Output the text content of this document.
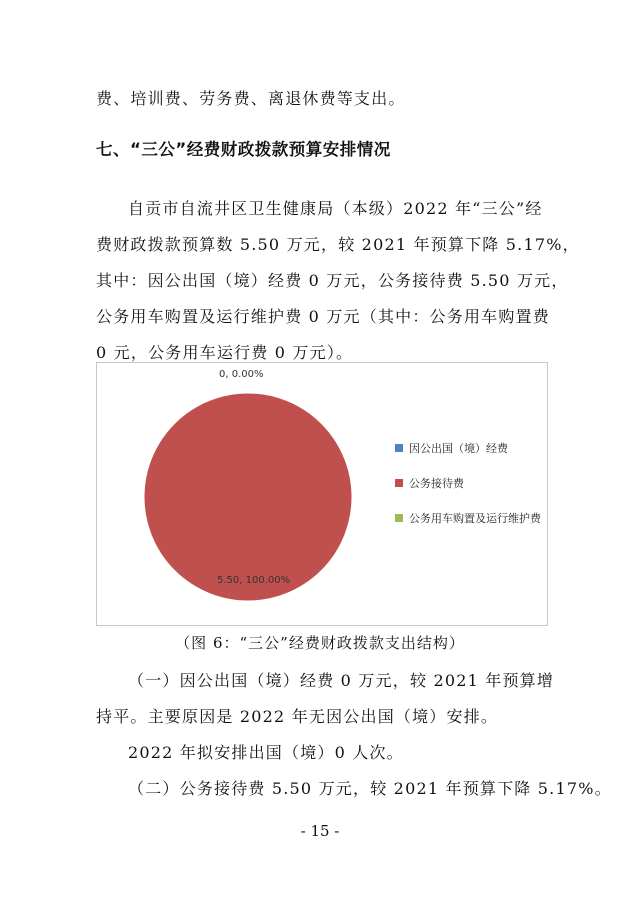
费、培训费、劳务费、离退休费等支出。
七、“三公”经费财政拨款预算安排情况
自贡市自流井区卫生健康局（本级）2022 年“三公”经
费财政拨款预算数 5.50 万元，较 2021 年预算下降 5.17%，
其中：因公出国（境）经费 0 万元，公务接待费 5.50 万元，
公务用车购置及运行维护费 0 万元（其中：公务用车购置费
0 元，公务用车运行费 0 万元）。
0, 0.00%
5.50, 100.00%
因公出国（境）经费
公务接待费
公务用车购置及运行维护费
（图 6：“三公”经费财政拨款支出结构）
（一）因公出国（境）经费 0 万元，较 2021 年预算增
持平。主要原因是 2022 年无因公出国（境）安排。
2022 年拟安排出国（境）0 人次。
（二）公务接待费 5.50 万元，较 2021 年预算下降 5.17%。
- 15 -
